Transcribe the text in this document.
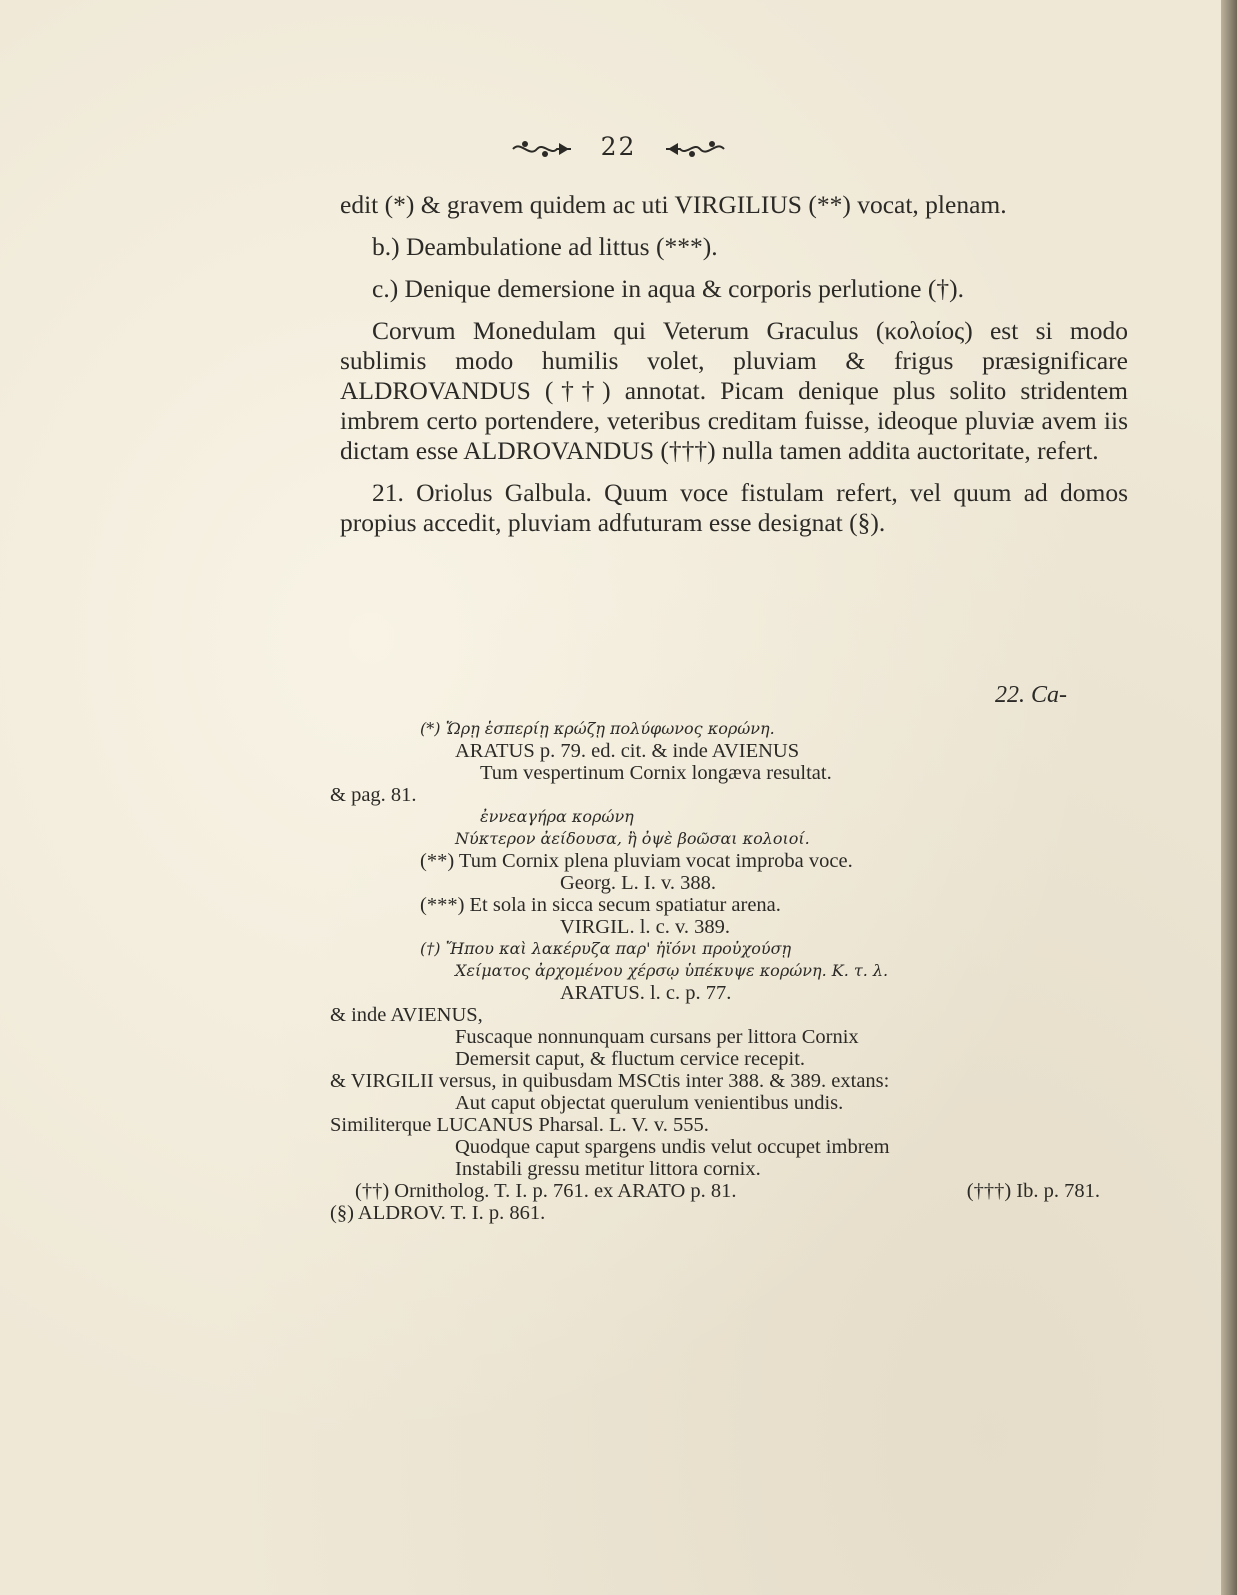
22

edit (*) & gravem quidem ac uti VIRGILIUS (**) vocat, plenam.

b.) Deambulatione ad littus (***).

c.) Denique demersione in aqua & corporis perlutione (†).

Corvum Monedulam qui Veterum Graculus (κολοίος) est si modo sublimis modo humilis volet, pluviam & frigus præsignificare ALDROVANDUS (††) annotat. Picam denique plus solito stridentem imbrem certo portendere, veteribus creditam fuisse, ideoque pluviæ avem iis dictam esse ALDROVANDUS (†††) nulla tamen addita auctoritate, refert.

21. Oriolus Galbula. Quum voce fistulam refert, vel quum ad domos propius accedit, pluviam adfuturam esse designat (§).

22. Ca-
(*) Ὤρῃ ἑσπερίῃ κρώζῃ πολύφωνος κορώνη.
ARATUS p. 79. ed. cit. & inde AVIENUS
Tum vespertinum Cornix longæva resultat.
& pag. 81.
ἐννεαγήρα κορώνη
Νύκτερον ἀείδουσα, ἢ ὀψὲ βοῶσαι κολοιοί.
(**) Tum Cornix plena pluviam vocat improba voce.
Georg. L. I. v. 388.
(***) Et sola in sicca secum spatiatur arena.
VIRGIL. l. c. v. 389.
(†) Ἤπου καὶ λακέρυζα παρ' ἠϊόνι προὐχούσῃ
Χείματος ἀρχομένου χέρσῳ ὑπέκυψε κορώνη. Κ. τ. λ.
ARATUS. l. c. p. 77.
& inde AVIENUS,
Fuscaque nonnunquam cursans per littora Cornix
Demersit caput, & fluctum cervice recepit.
& VIRGILII versus, in quibusdam MSCtis inter 388. & 389. extans:
Aut caput objectat querulum venientibus undis.
Similiterque LUCANUS Pharsal. L. V. v. 555.
Quodque caput spargens undis velut occupet imbrem
Instabili gressu metitur littora cornix.
(††) Ornitholog. T. I. p. 761. ex ARATO p. 81.	(†††) Ib. p. 781.
(§) ALDROV. T. I. p. 861.
